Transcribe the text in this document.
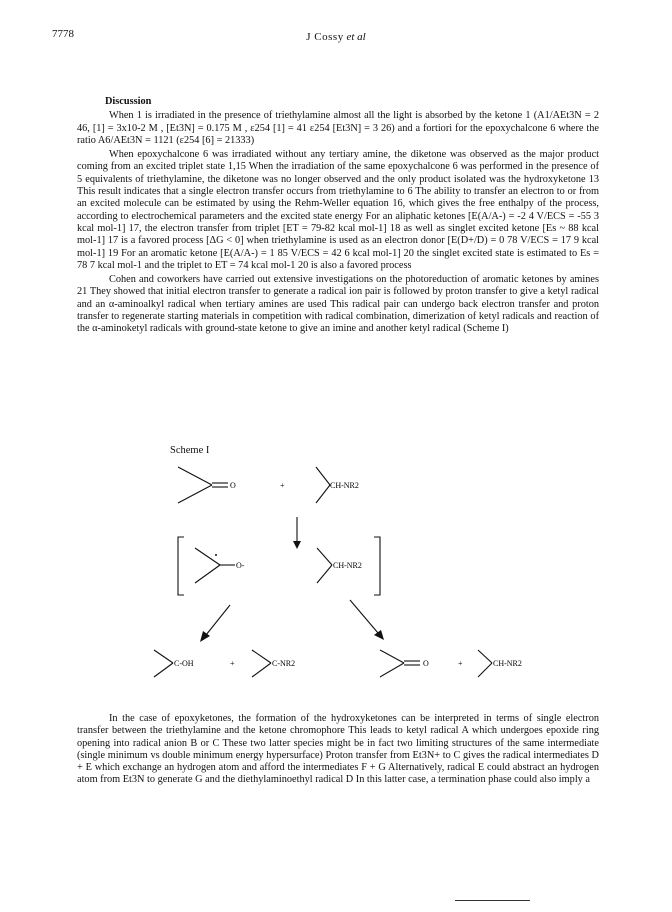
7778	J Cossy et al
Discussion

When 1 is irradiated in the presence of triethylamine almost all the light is absorbed by the ketone 1 (A1/AEt3N = 2 46, [1] = 3x10-2 M , [Et3N] = 0.175 M , ε254 [1] = 41 ε254 [Et3N] = 3 26) and a fortiori for the epoxychalcone 6 where the ratio A6/AEt3N = 1121 (ε254 [6] = 21333)

When epoxychalcone 6 was irradiated without any tertiary amine, the diketone was observed as the major product coming from an excited triplet state 1,15 When the irradiation of the same epoxychalcone 6 was performed in the presence of 5 equivalents of triethylamine, the diketone was no longer observed and the only product isolated was the hydroxyketone 13 This result indicates that a single electron transfer occurs from triethylamine to 6 The ability to transfer an electron to or from an excited molecule can be estimated by using the Rehm-Weller equation 16, which gives the free enthalpy of the process, according to electrochemical parameters and the excited state energy For an aliphatic ketones [E(A/A-) = -2 4 V/ECS = -55 3 kcal mol-1] 17, the electron transfer from triplet [ET = 79-82 kcal mol-1] 18 as well as singlet excited ketone [Es ~ 88 kcal mol-1] 17 is a favored process [ΔG < 0] when triethylamine is used as an electron donor [E(D+/D) = 0 78 V/ECS = 17 9 kcal mol-1] 19 For an aromatic ketone [E(A/A-) = 1 85 V/ECS = 42 6 kcal mol-1] 20 the singlet excited state is estimated to Es = 78 7 kcal mol-1 and the triplet to ET = 74 kcal mol-1 20 is also a favored process

Cohen and coworkers have carried out extensive investigations on the photoreduction of aromatic ketones by amines 21 They showed that initial electron transfer to generate a radical ion pair is followed by proton transfer to give a ketyl radical and an α-aminoalkyl radical when tertiary amines are used This radical pair can undergo back electron transfer and proton transfer to regenerate starting materials in competition with radical combination, dimerization of ketyl radicals and reaction of the α-aminoketyl radicals with ground-state ketone to give an imine and another ketyl radical (Scheme I)

Scheme I
O	+	CH-NR2
O-	CH-NR2
C-OH	+	C-NR2	O	+	CH-NR2

In the case of epoxyketones, the formation of the hydroxyketones can be interpreted in terms of single electron transfer between the triethylamine and the ketone chromophore This leads to ketyl radical A which undergoes epoxide ring opening into radical anion B or C These two latter species might be in fact two limiting structures of the same intermediate (single minimum vs double minimum energy hypersurface) Proton transfer from Et3N+ to C gives the radical intermediates D + E which exchange an hydrogen atom and afford the intermediates F + G Alternatively, radical E could abstract an hydrogen atom from Et3N to generate G and the diethylaminoethyl radical D In this latter case, a termination phase could also imply a
